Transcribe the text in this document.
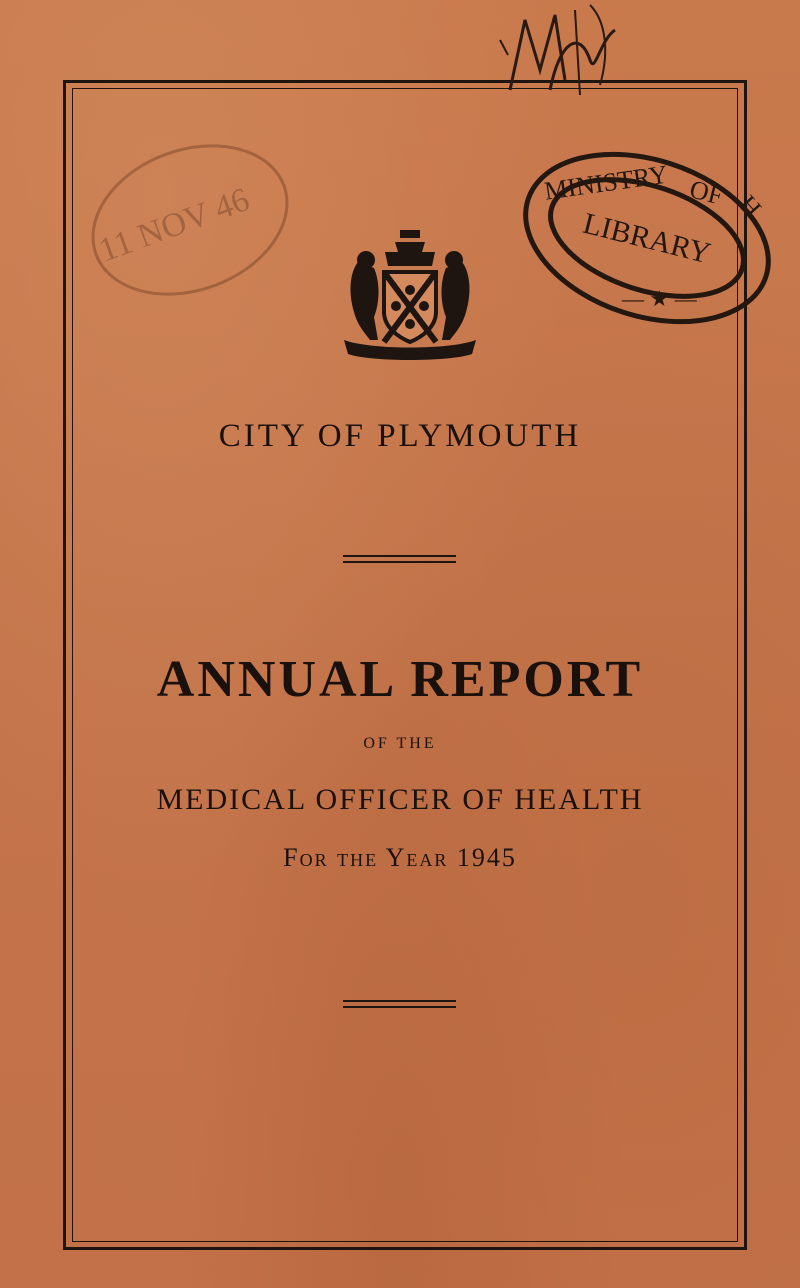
11 NOV 46	MINISTRY OF H
LIBRARY
— ★ —
CITY OF PLYMOUTH
ANNUAL REPORT
OF THE
MEDICAL OFFICER OF HEALTH
For the Year 1945
